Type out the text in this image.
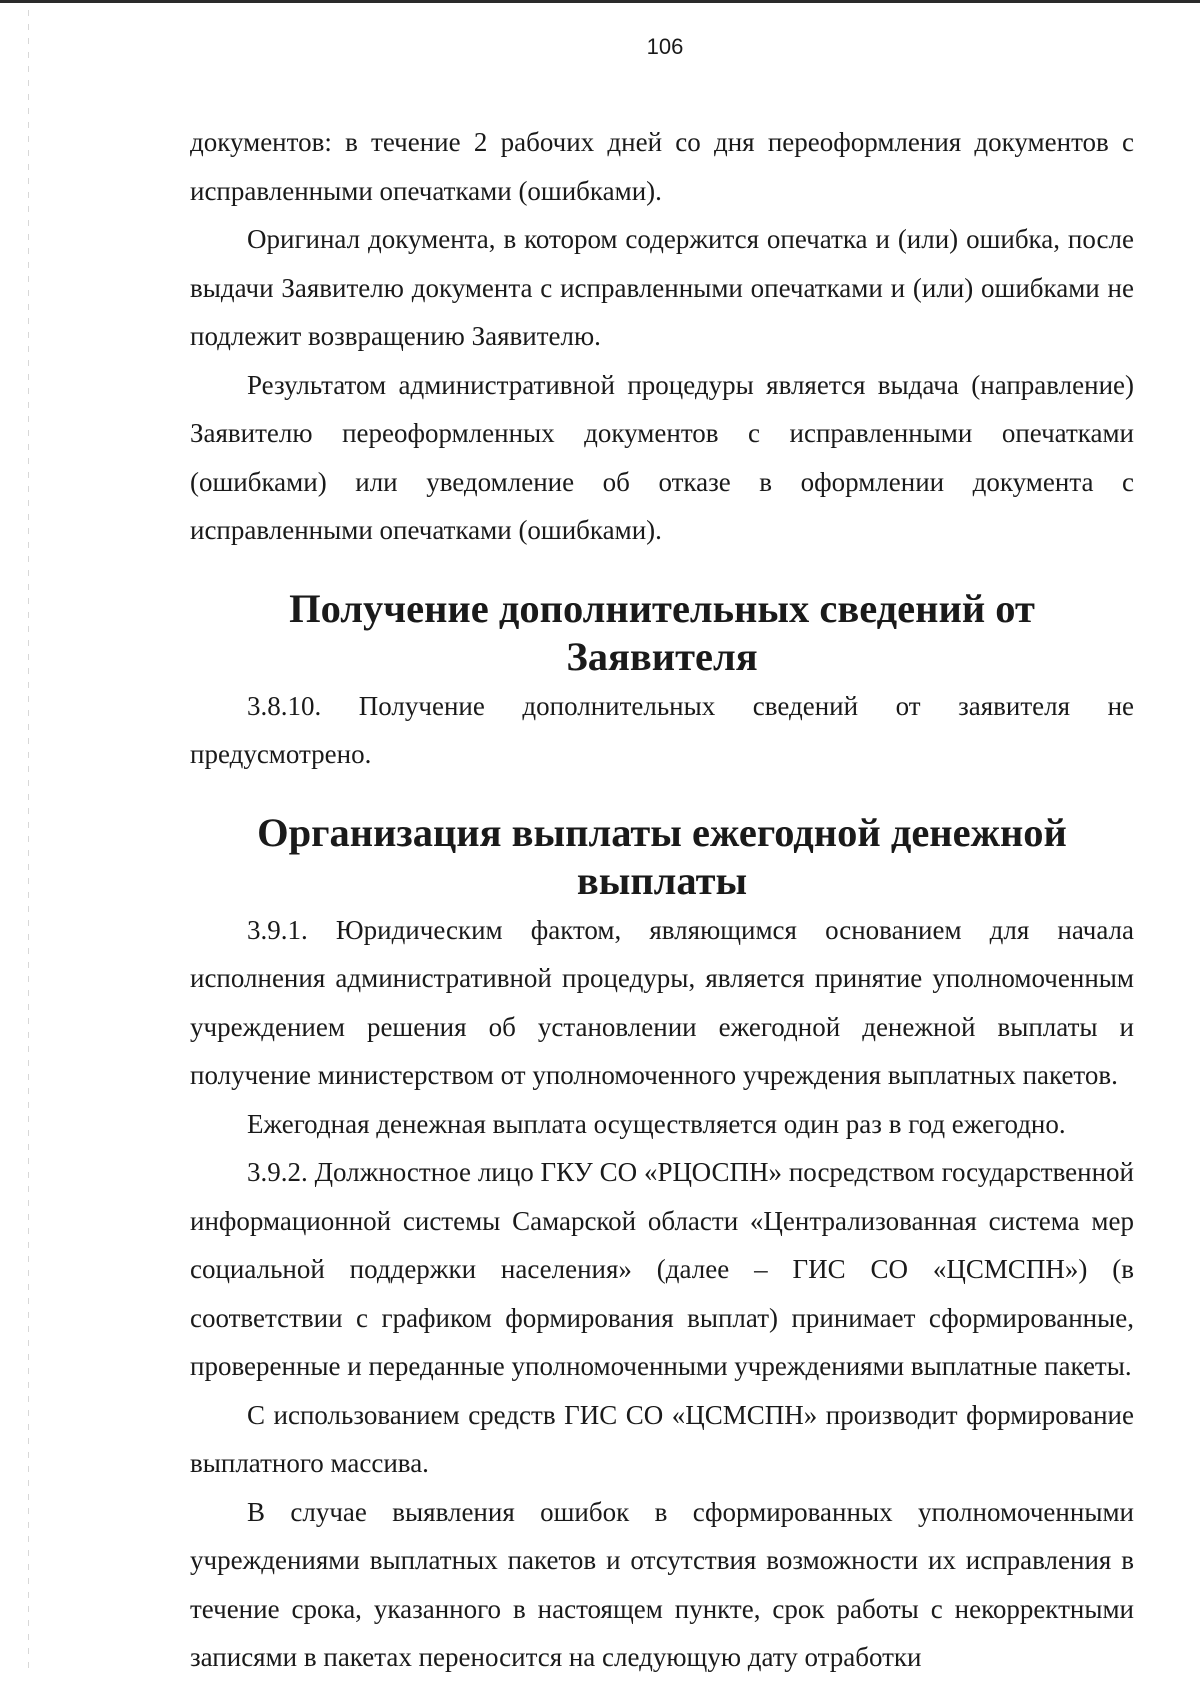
106

документов: в течение 2 рабочих дней со дня переоформления документов с исправленными опечатками (ошибками).

Оригинал документа, в котором содержится опечатка и (или) ошибка, после выдачи Заявителю документа с исправленными опечатками и (или) ошибками не подлежит возвращению Заявителю.

Результатом административной процедуры является выдача (направление) Заявителю переоформленных документов с исправленными опечатками (ошибками) или уведомление об отказе в оформлении документа с исправленными опечатками (ошибками).

Получение дополнительных сведений от Заявителя

3.8.10. Получение дополнительных сведений от заявителя не предусмотрено.

Организация выплаты ежегодной денежной выплаты

3.9.1. Юридическим фактом, являющимся основанием для начала исполнения административной процедуры, является принятие уполномоченным учреждением решения об установлении ежегодной денежной выплаты и получение министерством от уполномоченного учреждения выплатных пакетов.

Ежегодная денежная выплата осуществляется один раз в год ежегодно.

3.9.2. Должностное лицо ГКУ СО «РЦОСПН» посредством государственной информационной системы Самарской области «Централизованная система мер социальной поддержки населения» (далее – ГИС СО «ЦСМСПН») (в соответствии с графиком формирования выплат) принимает сформированные, проверенные и переданные уполномоченными учреждениями выплатные пакеты.

С использованием средств ГИС СО «ЦСМСПН» производит формирование выплатного массива.

В случае выявления ошибок в сформированных уполномоченными учреждениями выплатных пакетов и отсутствия возможности их исправления в течение срока, указанного в настоящем пункте, срок работы с некорректными записями в пакетах переносится на следующую дату отработки
